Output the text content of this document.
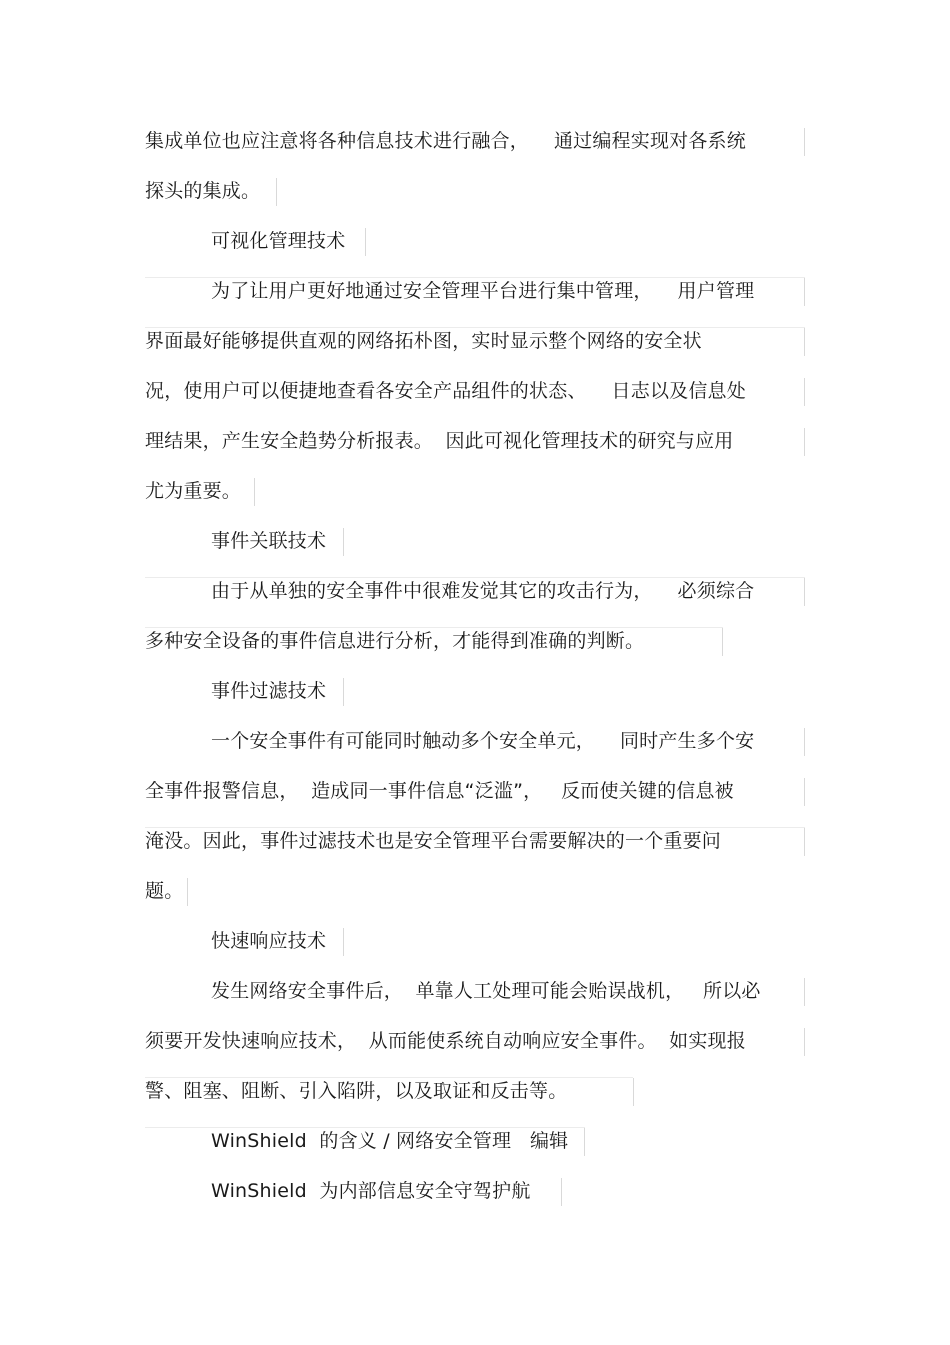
集成单位也应注意将各种信息技术进行融合，    通过编程实现对各系统
探头的集成。
可视化管理技术
为了让用户更好地通过安全管理平台进行集中管理，    用户管理
界面最好能够提供直观的网络拓朴图，实时显示整个网络的安全状
况，使用户可以便捷地查看各安全产品组件的状态、    日志以及信息处
理结果，产生安全趋势分析报表。  因此可视化管理技术的研究与应用
尤为重要。
事件关联技术
由于从单独的安全事件中很难发觉其它的攻击行为，    必须综合
多种安全设备的事件信息进行分析，才能得到准确的判断。
事件过滤技术
一个安全事件有可能同时触动多个安全单元，    同时产生多个安
全事件报警信息，  造成同一事件信息“泛滥”，   反而使关键的信息被
淹没。因此，事件过滤技术也是安全管理平台需要解决的一个重要问
题。
快速响应技术
发生网络安全事件后，  单靠人工处理可能会贻误战机，   所以必
须要开发快速响应技术，  从而能使系统自动响应安全事件。  如实现报
警、阻塞、阻断、引入陷阱，以及取证和反击等。
WinShield  的含义 / 网络安全管理   编辑
WinShield  为内部信息安全守驾护航
